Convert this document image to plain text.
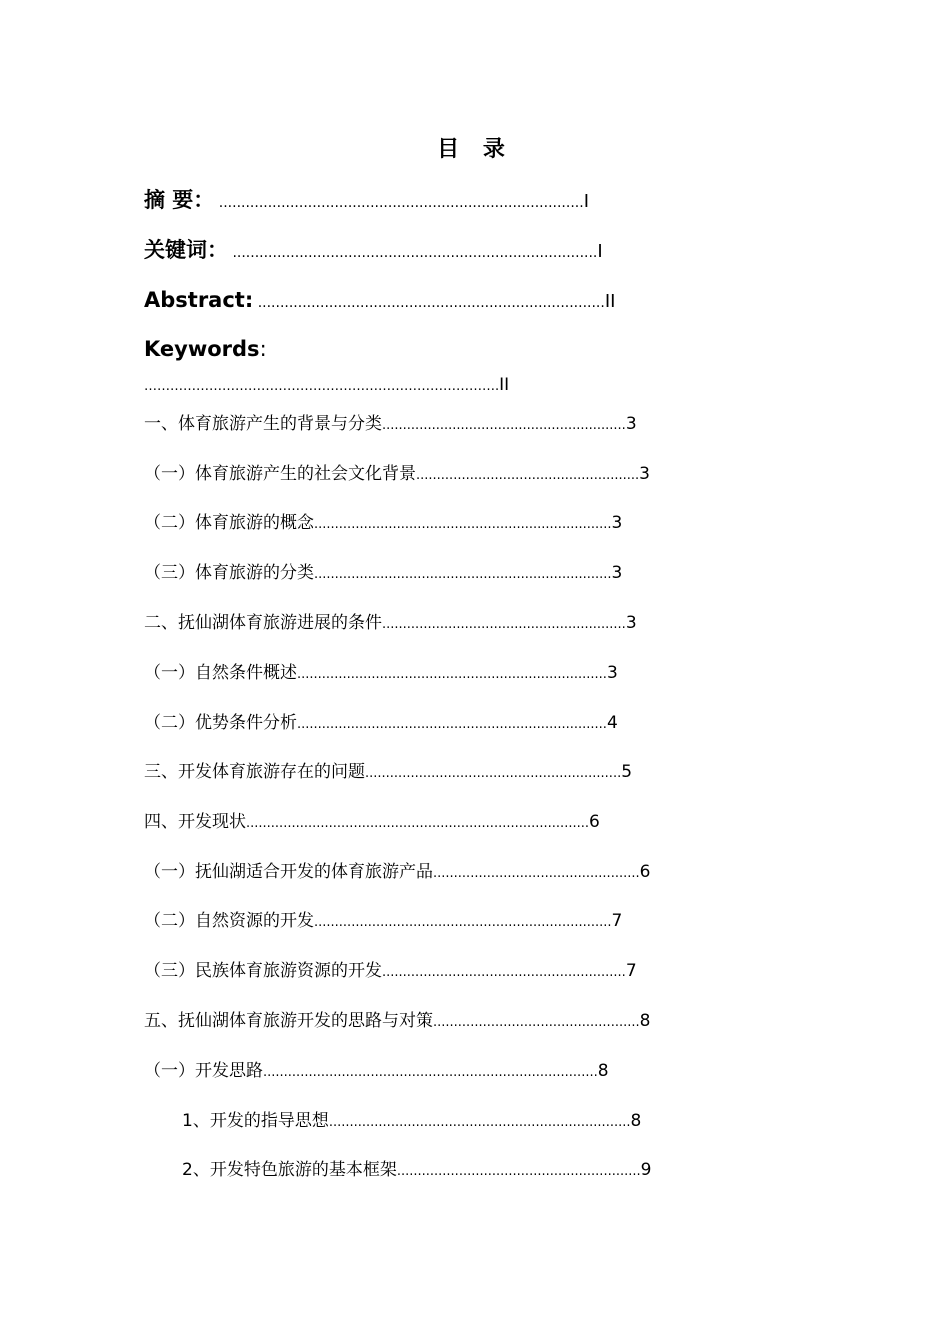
目 录
摘 要： ..................................................................................I
关键词： ..................................................................................I
Abstract: ..............................................................................II
Keywords:
……………………………………………………………………….II
一、体育旅游产生的背景与分类...........................................................3
（一）体育旅游产生的社会文化背景......................................................3
（二）体育旅游的概念........................................................................3
（三）体育旅游的分类........................................................................3
二、抚仙湖体育旅游进展的条件...........................................................3
（一）自然条件概述...........................................................................3
（二）优势条件分析...........................................................................4
三、开发体育旅游存在的问题..............................................................5
四、开发现状...................................................................................6
（一）抚仙湖适合开发的体育旅游产品..................................................6
（二）自然资源的开发........................................................................7
（三）民族体育旅游资源的开发...........................................................7
五、抚仙湖体育旅游开发的思路与对策..................................................8
（一）开发思路.................................................................................8
1、开发的指导思想.........................................................................8
2、开发特色旅游的基本框架...........................................................9
